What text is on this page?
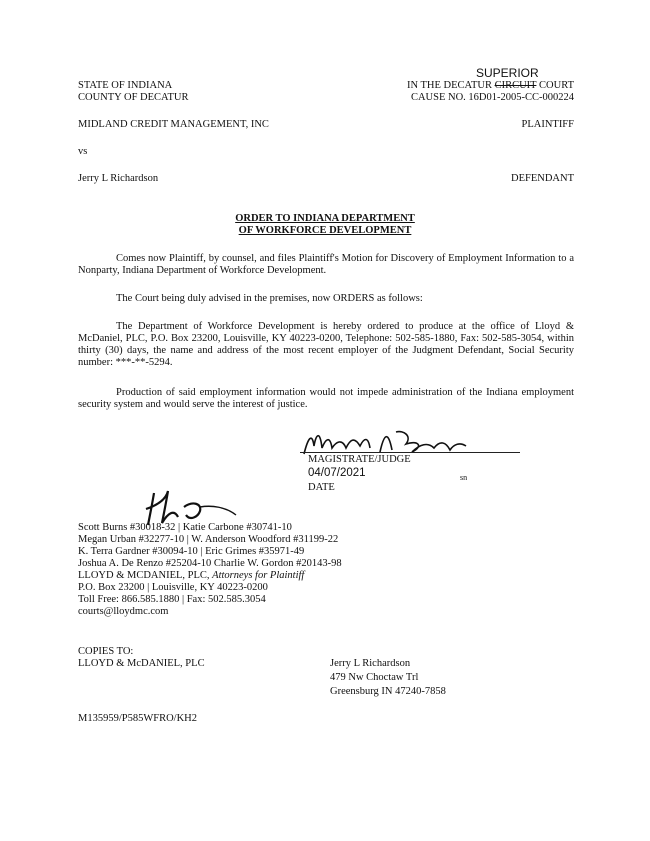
STATE OF INDIANA
COUNTY OF DECATUR
SUPERIOR
IN THE DECATUR CIRCUIT COURT
CAUSE NO. 16D01-2005-CC-000224
MIDLAND CREDIT MANAGEMENT, INC	PLAINTIFF
vs
Jerry L Richardson	DEFENDANT
ORDER TO INDIANA DEPARTMENT
OF WORKFORCE DEVELOPMENT
Comes now Plaintiff, by counsel, and files Plaintiff's Motion for Discovery of Employment Information to a Nonparty, Indiana Department of Workforce Development.
The Court being duly advised in the premises, now ORDERS as follows:
The Department of Workforce Development is hereby ordered to produce at the office of Lloyd & McDaniel, PLC, P.O. Box 23200, Louisville, KY 40223-0200, Telephone: 502-585-1880, Fax: 502-585-3054, within thirty (30) days, the name and address of the most recent employer of the Judgment Defendant, Social Security number: ***-**-5294.
Production of said employment information would not impede administration of the Indiana employment security system and would serve the interest of justice.
MAGISTRATE/JUDGE
04/07/2021	sn
DATE
Scott Burns #30018-32 | Katie Carbone #30741-10
Megan Urban #32277-10 | W. Anderson Woodford #31199-22
K. Terra Gardner #30094-10 | Eric Grimes #35971-49
Joshua A. De Renzo #25204-10 Charlie W. Gordon #20143-98
LLOYD & MCDANIEL, PLC, Attorneys for Plaintiff
P.O. Box 23200 | Louisville, KY 40223-0200
Toll Free: 866.585.1880 | Fax: 502.585.3054
courts@lloydmc.com
COPIES TO:
LLOYD & McDANIEL, PLC	Jerry L Richardson
479 Nw Choctaw Trl
Greensburg IN 47240-7858
M135959/P585WFRO/KH2
